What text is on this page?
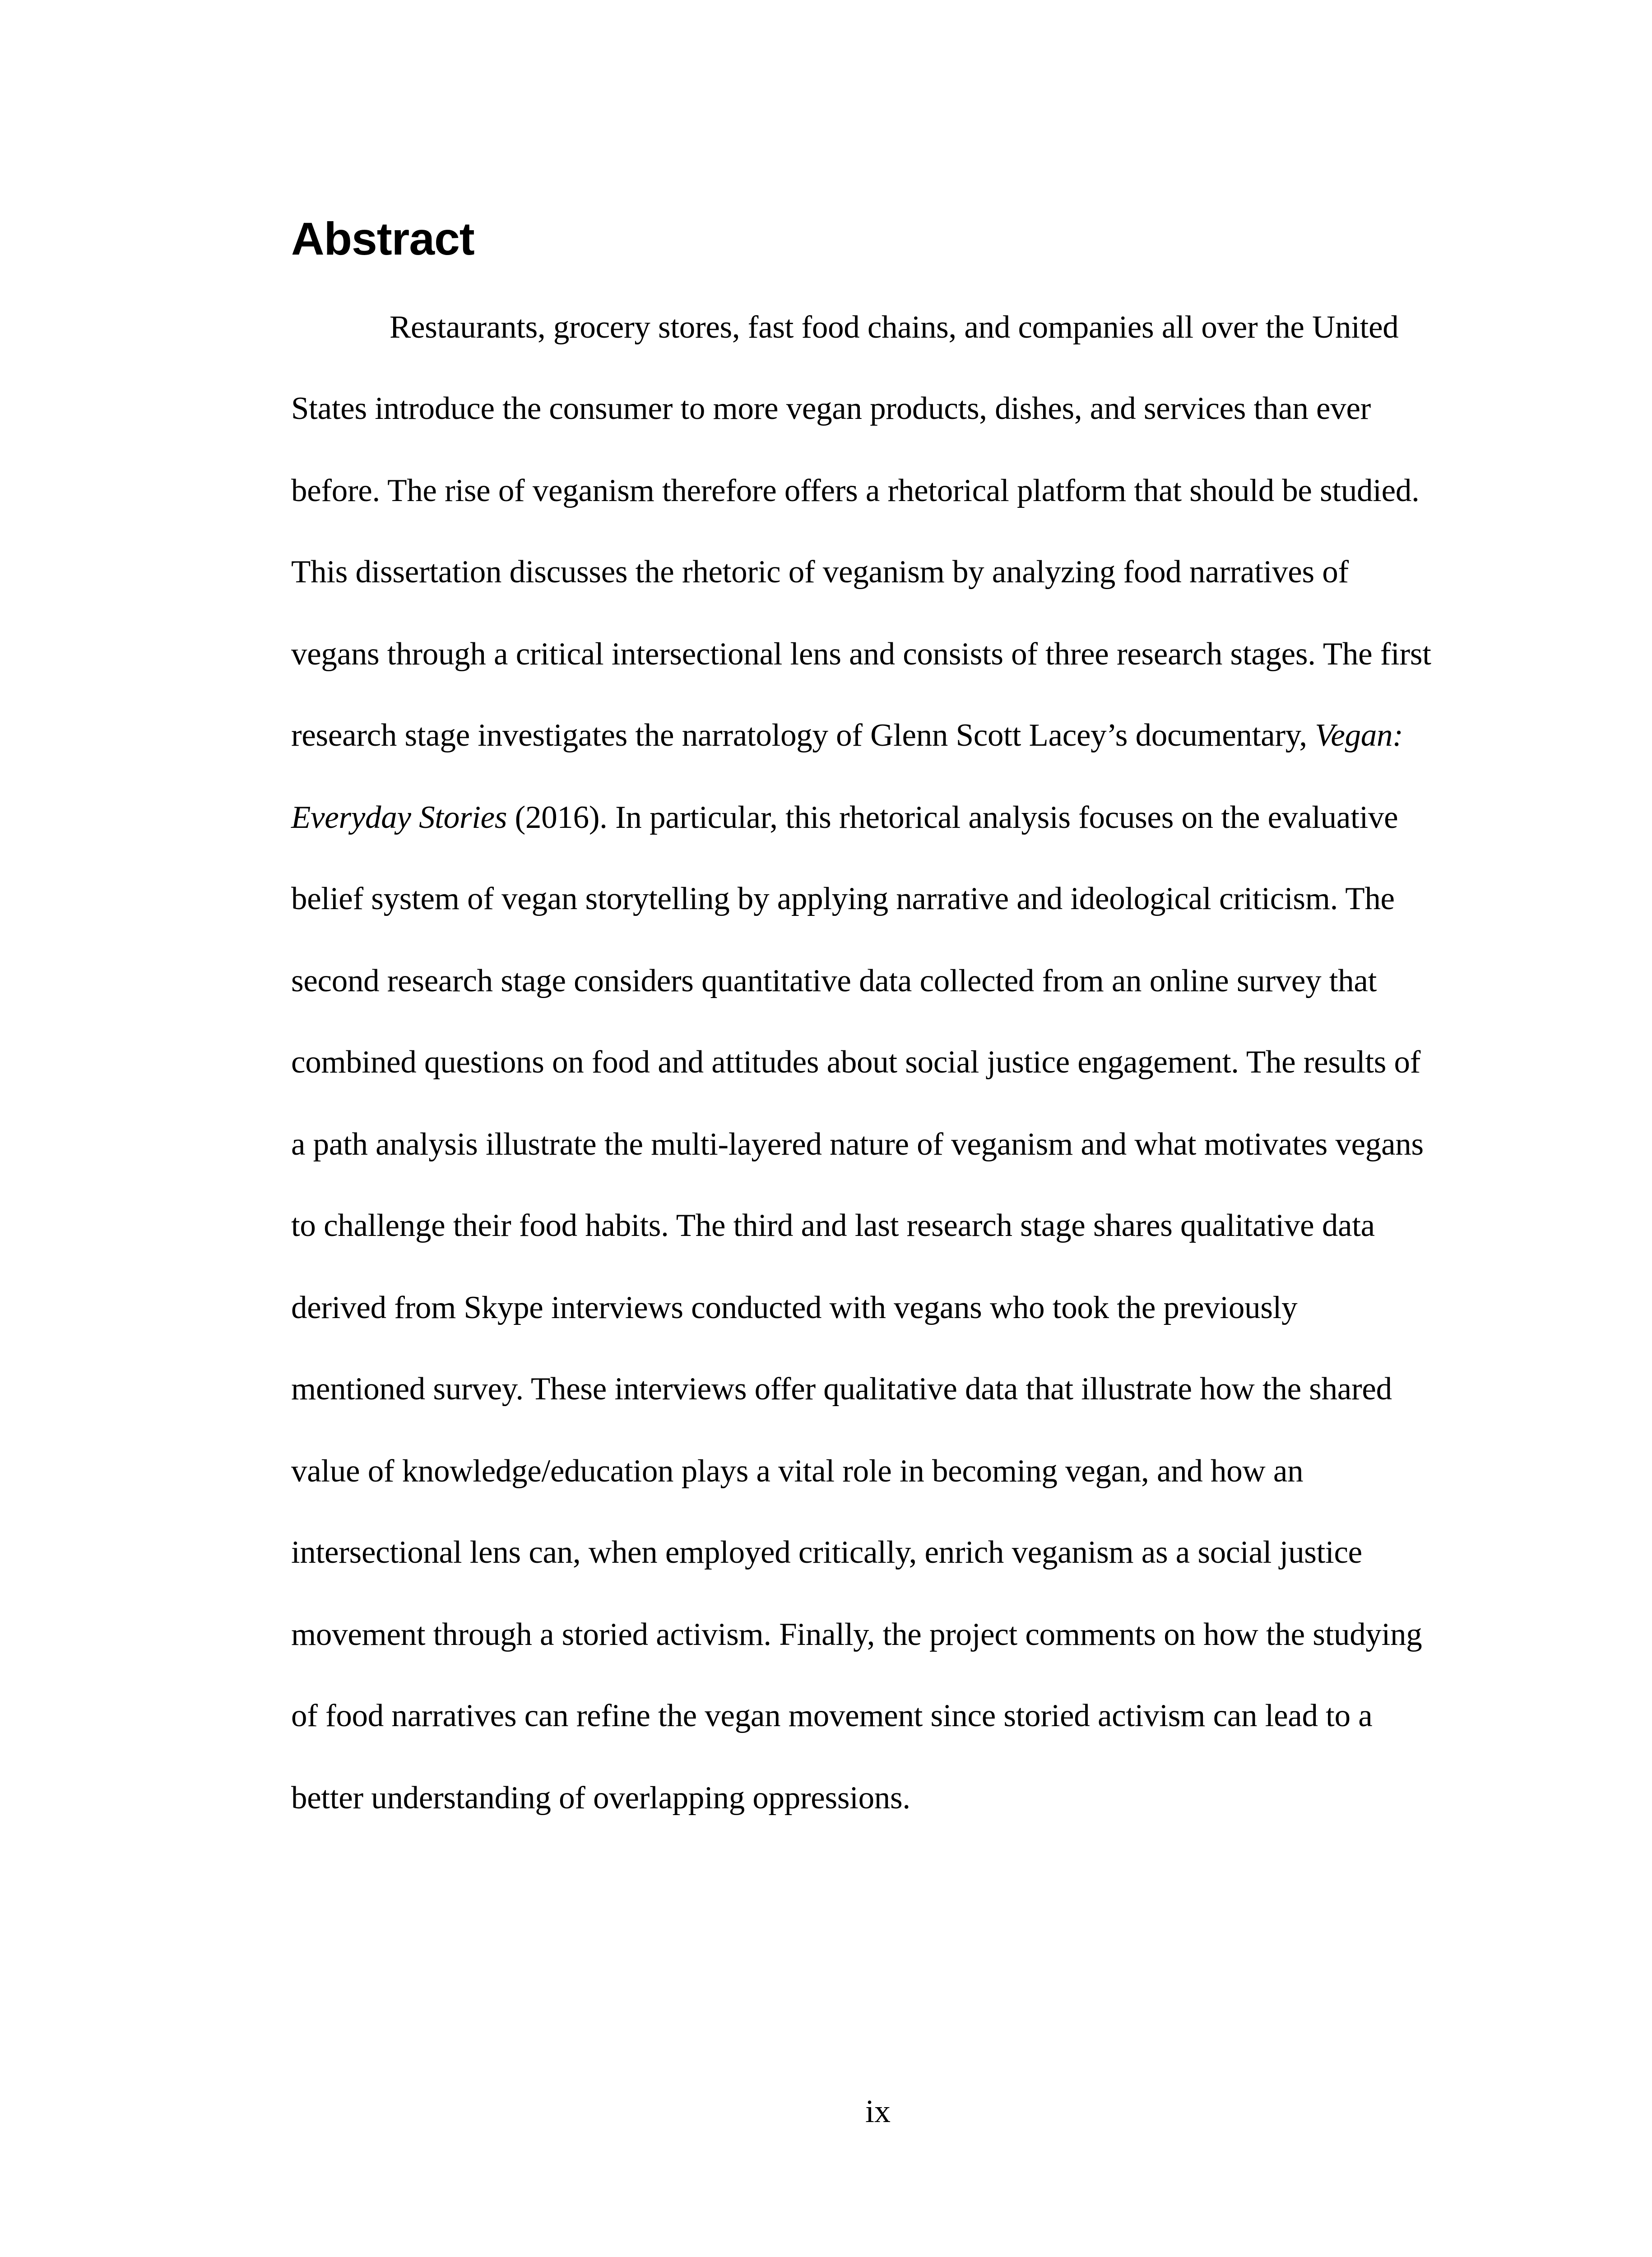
Abstract
Restaurants, grocery stores, fast food chains, and companies all over the United
States introduce the consumer to more vegan products, dishes, and services than ever
before. The rise of veganism therefore offers a rhetorical platform that should be studied.
This dissertation discusses the rhetoric of veganism by analyzing food narratives of
vegans through a critical intersectional lens and consists of three research stages. The first
research stage investigates the narratology of Glenn Scott Lacey’s documentary, Vegan:
Everyday Stories (2016). In particular, this rhetorical analysis focuses on the evaluative
belief system of vegan storytelling by applying narrative and ideological criticism. The
second research stage considers quantitative data collected from an online survey that
combined questions on food and attitudes about social justice engagement. The results of
a path analysis illustrate the multi-layered nature of veganism and what motivates vegans
to challenge their food habits. The third and last research stage shares qualitative data
derived from Skype interviews conducted with vegans who took the previously
mentioned survey. These interviews offer qualitative data that illustrate how the shared
value of knowledge/education plays a vital role in becoming vegan, and how an
intersectional lens can, when employed critically, enrich veganism as a social justice
movement through a storied activism. Finally, the project comments on how the studying
of food narratives can refine the vegan movement since storied activism can lead to a
better understanding of overlapping oppressions.
ix
